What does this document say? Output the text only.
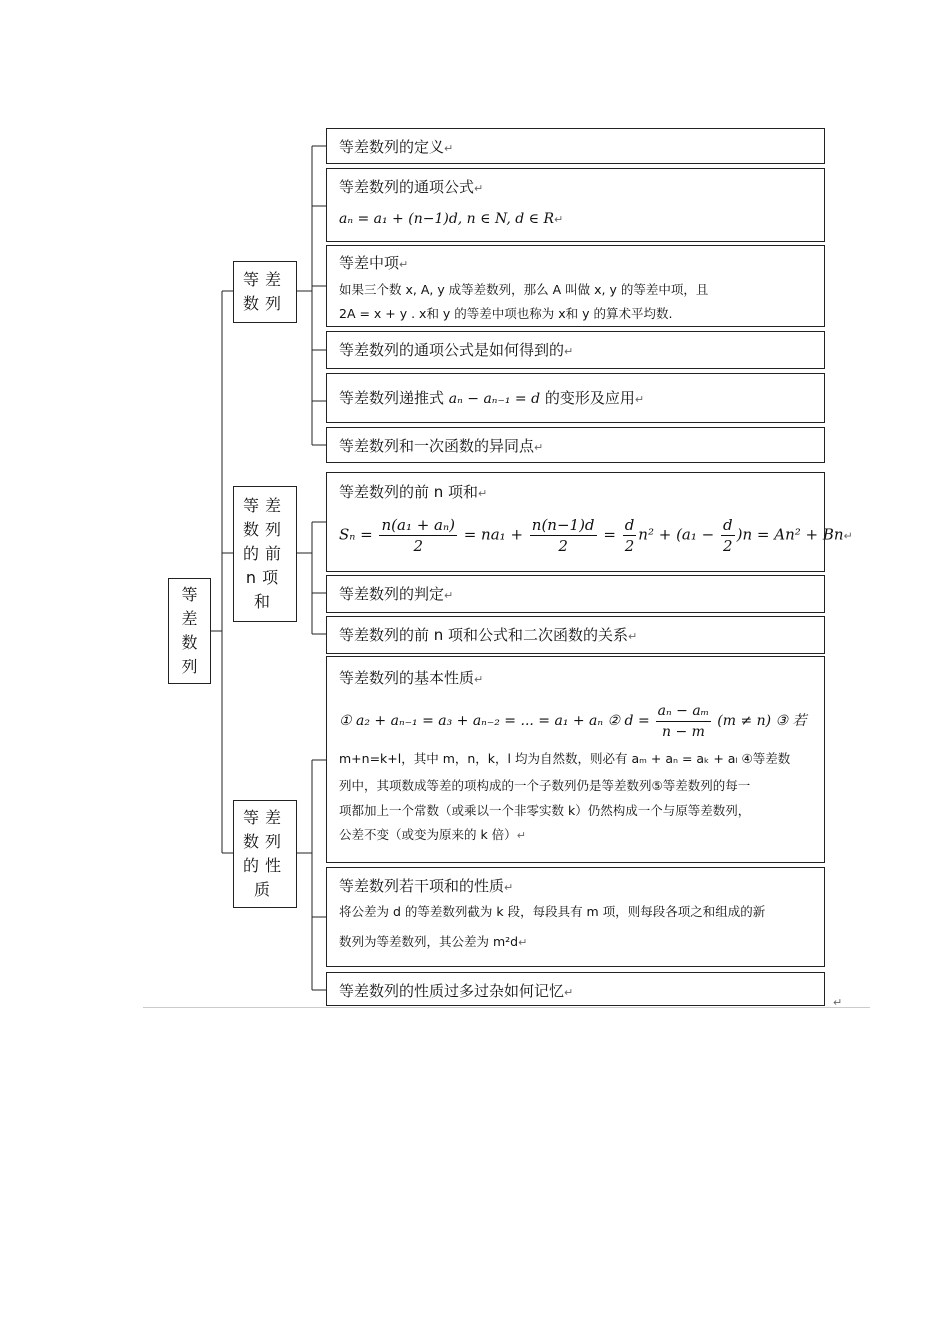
等差数列
等差数列
等差数列的前n项和
等差数列的性质
等差数列的定义↵
等差数列的通项公式↵
aₙ = a₁ + (n−1)d, n ∈ N, d ∈ R↵
等差中项↵
如果三个数 x, A, y 成等差数列，那么 A 叫做 x, y 的等差中项，且
2A = x + y . x和 y 的等差中项也称为 x和 y 的算术平均数.
等差数列的通项公式是如何得到的↵
等差数列递推式 aₙ − aₙ₋₁ = d 的变形及应用↵
等差数列和一次函数的异同点↵
等差数列的前 n 项和↵
$S_n = \frac{\text{n(a₁ + aₙ)}}{2} = na_1 + \frac{n(n-1)d}{2} = \frac{d}{2} n^2 + (a_1 - \frac{d}{2} )n = An^2$ + Bn↵
等差数列的判定↵
等差数列的前 n 项和公式和二次函数的关系↵
等差数列的基本性质↵
① a₂ + aₙ₋₁ = a₃ + aₙ₋₂ = ... = a₁ + aₙ ② $d = \frac{\text{aₙ − aₘ}}{n - m} (m \ne n)$ ③ 若
m+n=k+l，其中 m，n，k，l 均为自然数，则必有 aₘ + aₙ = aₖ + aₗ ④等差数
列中，其项数成等差的项构成的一个子数列仍是等差数列⑤等差数列的每一
项都加上一个常数（或乘以一个非零实数 k）仍然构成一个与原等差数列，
公差不变（或变为原来的 k 倍）↵
等差数列若干项和的性质↵
将公差为 d 的等差数列截为 k 段，每段具有 m 项，则每段各项之和组成的新
数列为等差数列，其公差为 m²d↵
等差数列的性质过多过杂如何记忆↵
↵
